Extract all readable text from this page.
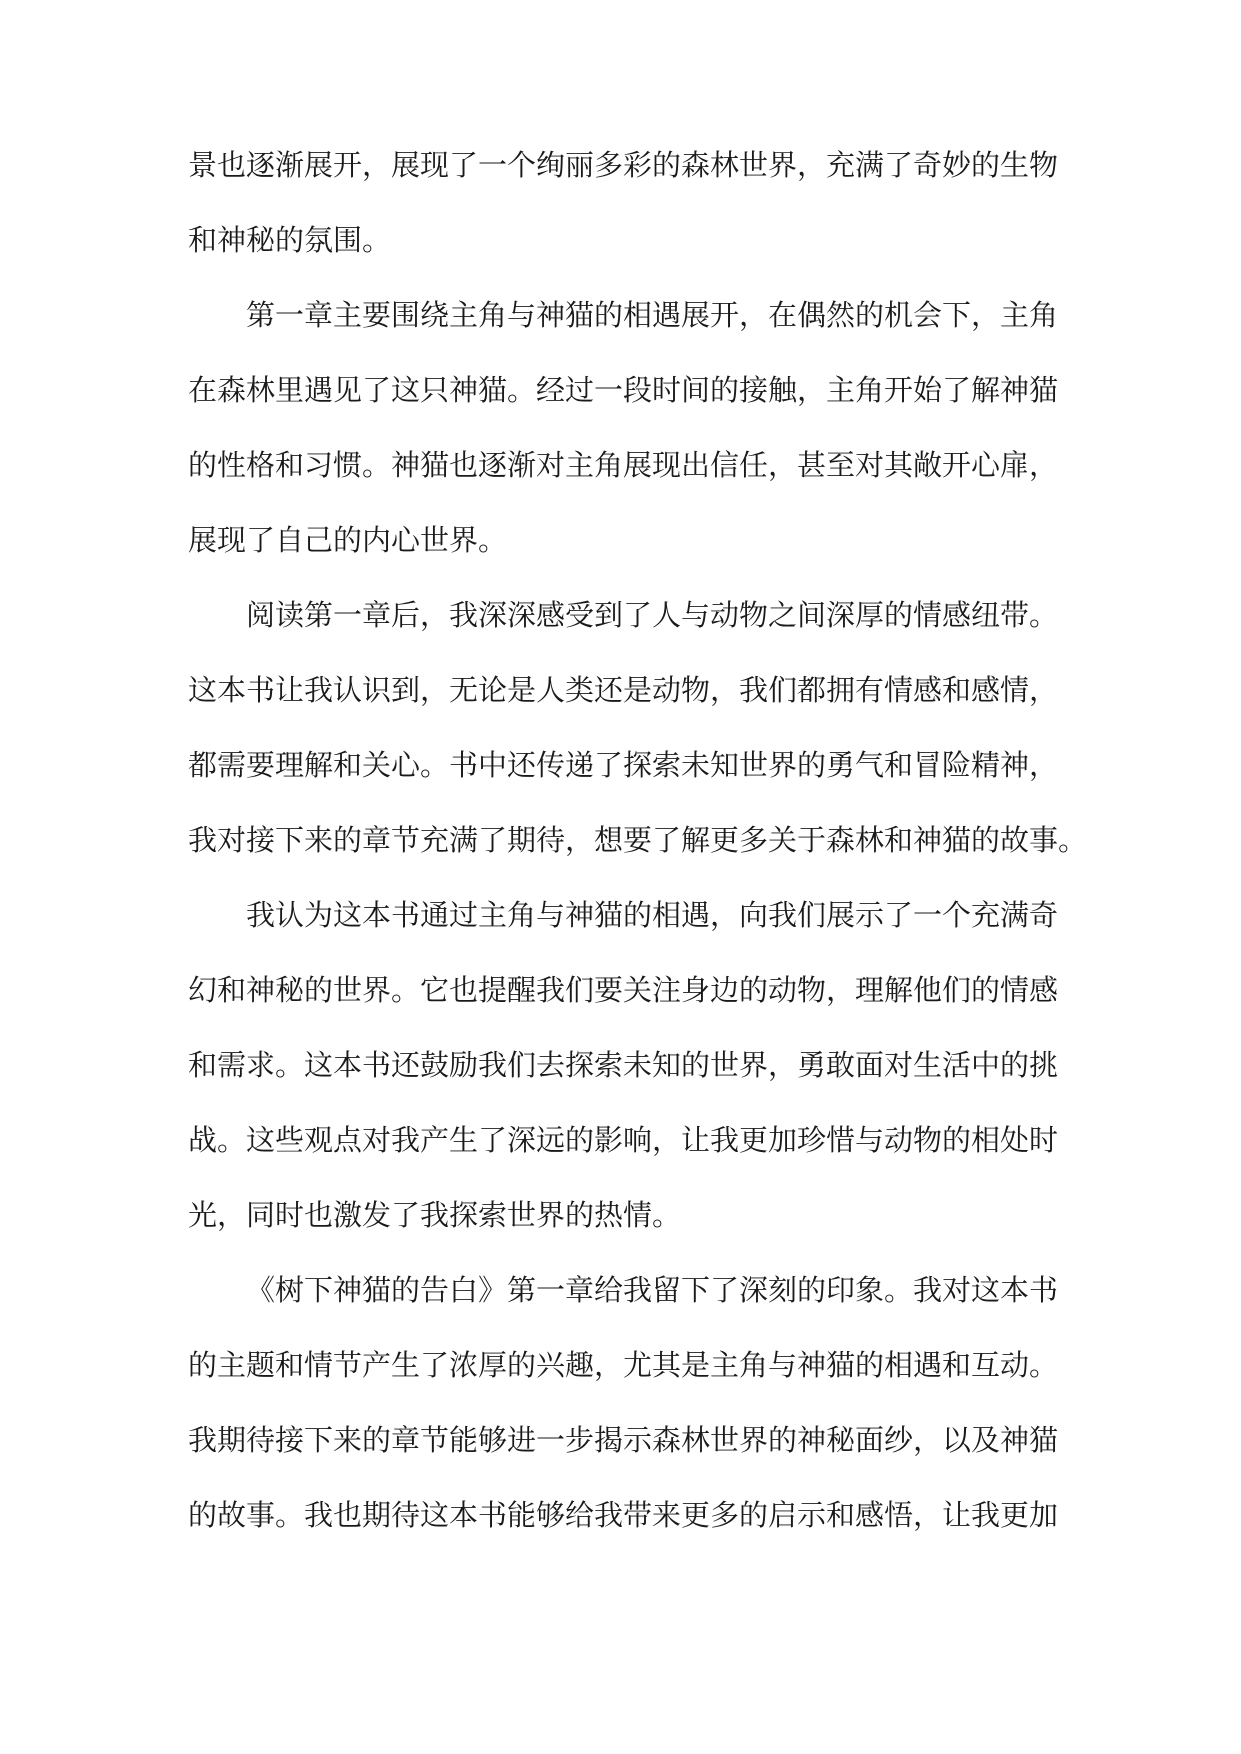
景也逐渐展开，展现了一个绚丽多彩的森林世界，充满了奇妙的生物
和神秘的氛围。
第一章主要围绕主角与神猫的相遇展开，在偶然的机会下，主角
在森林里遇见了这只神猫。经过一段时间的接触，主角开始了解神猫
的性格和习惯。神猫也逐渐对主角展现出信任，甚至对其敞开心扉，
展现了自己的内心世界。
阅读第一章后，我深深感受到了人与动物之间深厚的情感纽带。
这本书让我认识到，无论是人类还是动物，我们都拥有情感和感情，
都需要理解和关心。书中还传递了探索未知世界的勇气和冒险精神，
我对接下来的章节充满了期待，想要了解更多关于森林和神猫的故事。
我认为这本书通过主角与神猫的相遇，向我们展示了一个充满奇
幻和神秘的世界。它也提醒我们要关注身边的动物，理解他们的情感
和需求。这本书还鼓励我们去探索未知的世界，勇敢面对生活中的挑
战。这些观点对我产生了深远的影响，让我更加珍惜与动物的相处时
光，同时也激发了我探索世界的热情。
《树下神猫的告白》第一章给我留下了深刻的印象。我对这本书
的主题和情节产生了浓厚的兴趣，尤其是主角与神猫的相遇和互动。
我期待接下来的章节能够进一步揭示森林世界的神秘面纱，以及神猫
的故事。我也期待这本书能够给我带来更多的启示和感悟，让我更加
